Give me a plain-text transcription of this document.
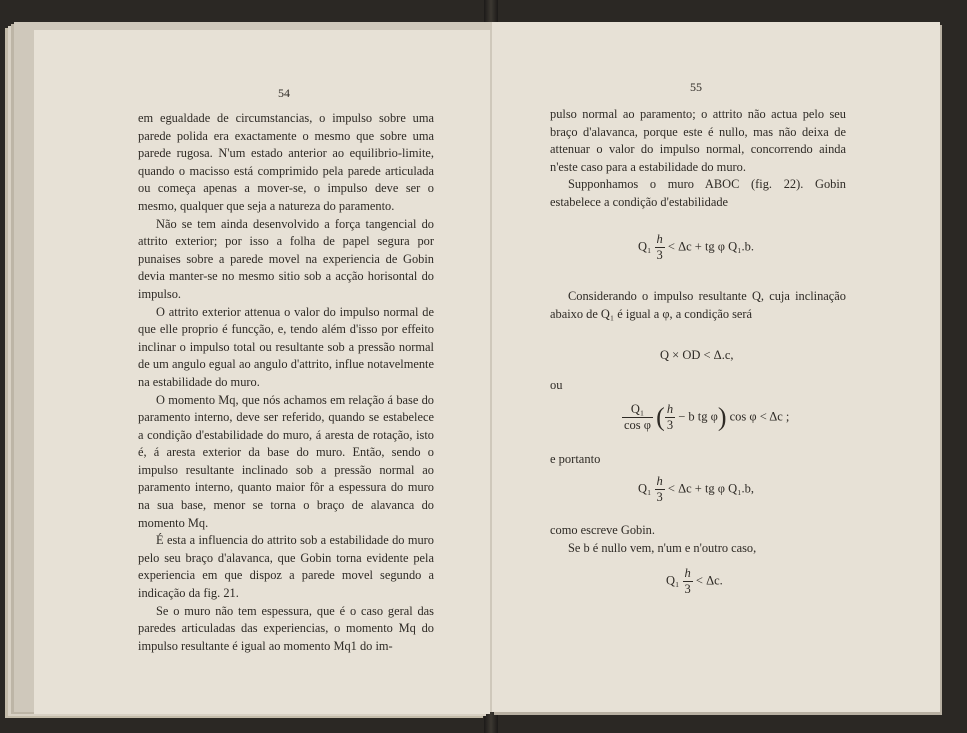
54

em egualdade de circumstancias, o impulso sobre uma parede polida era exactamente o mesmo que sobre uma parede rugosa. N'um estado anterior ao equilibrio-limite, quando o macisso está comprimido pela parede articulada ou começa apenas a mover-se, o impulso deve ser o mesmo, qualquer que seja a natureza do paramento.

Não se tem ainda desenvolvido a força tangencial do attrito exterior; por isso a folha de papel segura por punaises sobre a parede movel na experiencia de Gobin devia manter-se no mesmo sitio sob a acção horisontal do impulso.

O attrito exterior attenua o valor do impulso normal de que elle proprio é funcção, e, tendo além d'isso por effeito inclinar o impulso total ou resultante sob a pressão normal de um angulo egual ao angulo d'attrito, influe notavelmente na estabilidade do muro.

O momento Mq, que nós achamos em relação á base do paramento interno, deve ser referido, quando se estabelece a condição d'estabilidade do muro, á aresta de rotação, isto é, á aresta exterior da base do muro. Então, sendo o impulso resultante inclinado sob a pressão normal ao paramento interno, quanto maior fôr a espessura do muro na sua base, menor se torna o braço de alavanca do momento Mq.

É esta a influencia do attrito sob a estabilidade do muro pelo seu braço d'alavanca, que Gobin torna evidente pela experiencia em que dispoz a parede movel segundo a indicação da fig. 21.

Se o muro não tem espessura, que é o caso geral das paredes articuladas das experiencias, o momento Mq do impulso resultante é igual ao momento Mq1 do im-

55

pulso normal ao paramento; o attrito não actua pelo seu braço d'alavanca, porque este é nullo, mas não deixa de attenuar o valor do impulso normal, concorrendo ainda n'este caso para a estabilidade do muro.

Supponhamos o muro ABOC (fig. 22). Gobin estabelece a condição d'estabilidade

$Q_1 \frac{h}{3} < \Delta c$ + tg φ Q₁.b.

Considerando o impulso resultante Q, cuja inclinação abaixo de Q₁ é igual a φ, a condição será

Q × OD < Δ.c,
ou
$\frac{\text{Q₁}}{\text{cos φ}}$ ( $\frac{h}{3} - b$ tg φ) cos φ < Δc ;
e portanto
$Q_1 \frac{h}{3} < \Delta c$ + tg φ Q₁.b,

como escreve Gobin.

Se b é nullo vem, n'um e n'outro caso,

$Q_1 \frac{h}{3} < \Delta c$.
